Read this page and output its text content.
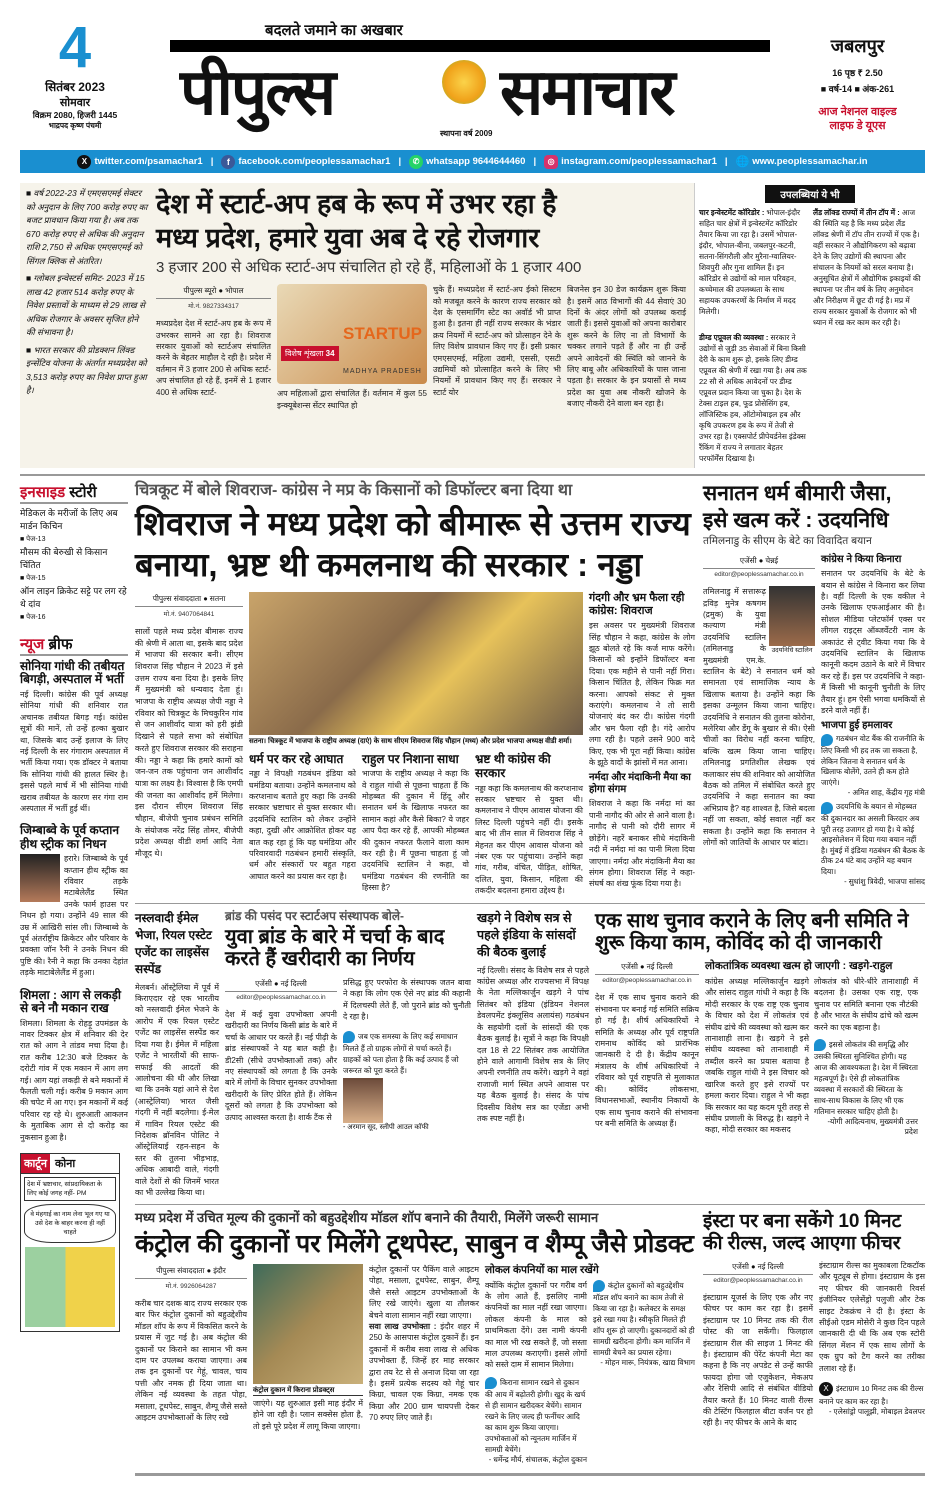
4
सितंबर 2023
सोमवार
विक्रम 2080, हिजरी 1445
भाद्रपद कृष्ण पंचमी
बदलते जमाने का अखबार
पीपुल्स	समाचार
स्थापना वर्ष 2009
जबलपुर
16 पृष्ठ ₹ 2.50
■ वर्ष-14 ■ अंक-261
आज नेशनल वाइल्ड
लाइफ डे यूएस
X twitter.com/psamachar1 |	f facebook.com/peoplessamachar1 |	✆ whatsapp 9644644460 |	◎ instagram.com/peoplessamachar1 | 🌐 www.peoplessamachar.in

■ वर्ष 2022-23 में एमएसएमई सेक्टर को अनुदान के लिए 700 करोड़ रुपए का बजट प्रावधान किया गया है। अब तक 670 करोड़ रुपए से अधिक की अनुदान राशि 2,750 से अधिक एमएसएमई को सिंगल क्लिक से अंतरित।

■ ग्लोबल इन्वेस्टर्स समिट- 2023 में 15 लाख 42 हजार 514 करोड़ रुपए के निवेश प्रस्तावों के माध्यम से 29 लाख से अधिक रोजगार के अवसर सृजित होने की संभावना है।

■ भारत सरकार की प्रोडक्शन लिंक्ड इन्सेंटिव योजना के अंतर्गत मध्यप्रदेश को 3,513 करोड़ रुपए का निवेश प्राप्त हुआ है।

देश में स्टार्ट-अप हब के रूप में उभर रहा है
मध्य प्रदेश, हमारे युवा अब दे रहे रोजगार
3 हजार 200 से अधिक स्टार्ट-अप संचालित हो रहे हैं, महिलाओं के 1 हजार 400
पीपुल्स ब्यूरो ● भोपाल
मो.नं. 9827334317

मध्यप्रदेश देश में स्टार्ट-अप हब के रूप में उभरकर सामने आ रहा है। शिवराज सरकार युवाओं को स्टार्टअप संचालित करने के बेहतर माहौल दे रही है। प्रदेश में वर्तमान में 3 हजार 200 से अधिक स्टार्ट-अप संचालित हो रहे हैं, इनमें से 1 हजार 400 से अधिक स्टार्ट-

विशेष शृंखला 34
STARTUP
MADHYA PRADESH

अप महिलाओं द्वारा संचालित हैं। वर्तमान में कुल 55 इन्क्यूबेशन्स सेंटर स्थापित हो

चुके हैं। मध्यप्रदेश में स्टार्ट-अप ईको सिस्टम को मजबूत करने के कारण राज्य सरकार को देश के एसमार्गिंग स्टेट का अवॉर्ड भी प्राप्त हुआ है। इतना ही नहीं राज्य सरकार के भंडार क्रय नियमों में स्टार्ट-अप को प्रोत्साहन देने के लिए विशेष प्रावधान किए गए हैं। इसी प्रकार एमएसएमई, महिला उद्यमी, एससी, एसटी उद्यमियों को प्रोत्साहित करने के लिए भी नियमों में प्रावधान किए गए हैं। सरकार ने स्टार्ट योर

बिजनेस इन 30 डेज कार्यक्रम शुरू किया है। इसमें आठ विभागों की 44 सेवाएं 30 दिनों के अंदर लोगों को उपलब्ध कराई जाती हैं। इससे युवाओं को अपना कारोबार शुरू करने के लिए ना तो विभागों के चक्कर लगाने पड़ते हैं और ना ही उन्हें अपने आवेदनों की स्थिति को जानने के लिए बाबू और अधिकारियों के पास जाना पड़ता है। सरकार के इन प्रयासों से मध्य प्रदेश का युवा अब नौकरी खोजने के बजाए नौकरी देने वाला बन रहा है।

उपलब्धियां ये भी
चार इन्वेस्टमेंट कॉरिडोर : भोपाल-इंदौर सहित चार क्षेत्रों में इन्वेस्टमेंट कॉरिडोर तैयार किया जा रहा है। उसमें भोपाल-इंदौर, भोपाल-बीना, जबलपुर-कटनी, सतना-सिंगरौली और मुरैना-ग्वालियर- शिवपुरी और गुना शामिल हैं। इन कॉरिडोर से उद्योगों को माल परिवहन, कच्चेमाल की उपलब्धता के साथ सहायक उपकरणों के निर्माण में मदद मिलेगी।
लैंड लॉक्ड राज्यों में तीन टॉप में : आज की स्थिति यह है कि मध्य प्रदेश लैंड लॉक्ड श्रेणी में टॉप तीन राज्यों में एक है। वहीं सरकार ने औद्योगिकरण को बढ़ावा देने के लिए उद्योगों की स्थापना और संचालन के नियमों को सरल बनाया है। अनुसूचित क्षेत्रों में औद्योगिक इकाइयों की स्थापना पर तीन वर्ष के लिए अनुमोदन और निरीक्षण में छूट दी गई है। मप्र में राज्य सरकार युवाओं के रोजगार को भी ध्यान में रख कर काम कर रही है।
डीम्ड एप्रूवल की व्यवस्था : सरकार ने उद्योगों से जुड़ी 35 सेवाओं में बिना किसी देरी के काम शुरू हो, इसके लिए डीम्ड एप्रूवल की श्रेणी में रखा गया है। अब तक 22 सौ से अधिक आवेदनों पर डीम्ड एप्रूवल प्रदान किया जा चुका है। देश के टेक्स टाइल हब, फूड प्रोसेसिंग हब, लॉजिस्टिक हब, ऑटोमोबाइल हब और कृषि उपकरण हब के रूप में तेजी से उभर रहा है। एक्सपोर्ट प्रीपेयर्डनेस इंडेक्स रैंकिंग में राज्य ने लगातार बेहतर परफॉर्मेंस दिखाया है।
इनसाइड स्टोरी
मेडिकल के मरीजों के लिए अब मार्डन किचिन
■ पेज-13
मौसम की बेरुखी से किसान चिंतित
■ पेज-15
ऑन लाइन क्रिकेट सट्टे पर लग रहे थे दांव
■ पेज-16
न्यूज ब्रीफ
सोनिया गांधी की तबीयत बिगड़ी, अस्पताल में भर्ती

नई दिल्ली। कांग्रेस की पूर्व अध्यक्ष सोनिया गांधी की शनिवार रात अचानक तबीयत बिगड़ गई। कांग्रेस सूत्रों की मानें, तो उन्हें हल्का बुखार था, जिसके बाद उन्हें इलाज के लिए नई दिल्ली के सर गंगाराम अस्पताल में भर्ती किया गया। एक डॉक्टर ने बताया कि सोनिया गांधी की हालत स्थिर है। इससे पहले मार्च में भी सोनिया गांधी खराब तबीयत के कारण सर गंगा राम अस्पताल में भर्ती हुई थीं।

जिम्बाब्वे के पूर्व कप्तान हीथ स्ट्रीक का निधन

हरारे। जिम्बाब्वे के पूर्व कप्तान हीथ स्ट्रीक का रविवार तड़के मटाबेलेलैंड स्थित उनके फार्म हाउस पर निधन हो गया। उन्होंने 49 साल की उम्र में आखिरी सांस ली। जिम्बाब्वे के पूर्व अंतर्राष्ट्रीय क्रिकेटर और परिवार के प्रवक्ता जॉन रैनी ने उनके निधन की पुष्टि की। रैनी ने कहा कि उनका देहांत तड़के माटाबेलेलैंड में हुआ।

शिमला : आग से लकड़ी से बने नौ मकान राख

शिमला। शिमला के रोहड़ू उपमंडल के नावर टिक्कर क्षेत्र में शनिवार की देर रात को आग ने तांडव मचा दिया है। रात करीब 12:30 बजे टिक्कर के दरोटी गांव में एक मकान में आग लग गई। आग यहां लकड़ी से बने मकानों में फैलती चली गई। करीब 9 मकान आग की चपेट में आ गए। इन मकानों में कई परिवार रह रहे थे। शुरुआती आकलन के मुताबिक आग से दो करोड़ का नुकसान हुआ है।

कार्टून कोना
देश में भ्रष्टाचार, सांप्रदायिकता के लिए कोई जगह नहीं- PM
वे मंहगाई का नाम लेना भूल गए या उसे देश के बाहर करना ही नहीं चाहते
चित्रकूट में बोले शिवराज- कांग्रेस ने मप्र के किसानों को डिफॉल्टर बना दिया था
शिवराज ने मध्य प्रदेश को बीमारू से उत्तम राज्य
बनाया, भ्रष्ट थी कमलनाथ की सरकार : नड्डा
पीपुल्स संवाददाता ● सतना
मो.नं. 9407064841

सालों पहले मध्य प्रदेश बीमारू राज्य की श्रेणी में आता था, इसके बाद प्रदेश में भाजपा की सरकार बनी। सीएम शिवराज सिंह चौहान ने 2023 में इसे उत्तम राज्य बना दिया है। इसके लिए मैं मुख्यमंत्री को धन्यवाद देता हूं। भाजपा के राष्ट्रीय अध्यक्ष जेपी नड्डा ने रविवार को चित्रकूट के मिचकुरिन गांव से जन आशीर्वाद यात्रा को हरी झंडी दिखाने से पहले सभा को संबोधित करते हुए शिवराज सरकार की सराहना की। नड्डा ने कहा कि हमारे कामों को जन-जन तक पहुंचाना जन आशीर्वाद यात्रा का लक्ष्य है। विश्वास है कि एमपी की जनता का आशीर्वाद हमें मिलेगा। इस दौरान सीएम शिवराज सिंह चौहान, बीजेपी चुनाव प्रबंधन समिति के संयोजक नरेंद्र सिंह तोमर, बीजेपी प्रदेश अध्यक्ष वीडी शर्मा आदि नेता मौजूद थे।

सतना। चित्रकूट में भाजपा के राष्ट्रीय अध्यक्ष (दाएं) के साथ सीएम शिवराज सिंह चौहान (मध्य) और प्रदेश भाजपा अध्यक्ष वीडी शर्मा।
धर्म पर कर रहे आघात

नड्डा ने विपक्षी गठबंधन इंडिया को घमंडिया बताया। उन्होंने कमलनाथ को करप्शनाथ बताते हुए कहा कि उनकी सरकार भ्रष्टाचार से युक्त सरकार थी। उदयनिधि स्टालिन को लेकर उन्होंने कहा, दुखी और आक्रोशित होकर यह बात कह रहा हूं कि यह घमंडिया और परिवारवादी गठबंधन हमारी संस्कृति, धर्म और संस्कारों पर बहुत गहरा आघात करने का प्रयास कर रहा है।

राहुल पर निशाना साधा

भाजपा के राष्ट्रीय अध्यक्ष ने कहा कि वे राहुल गांधी से पूछना चाहता हैं कि मोहब्बत की दुकान में हिंदू और सनातन धर्म के खिलाफ नफरत का सामान कहां और कैसे बिका? ये जहर आप पैदा कर रहे हैं, आपकी मोहब्बत की दुकान नफरत फैलाने वाला काम कर रही है। मैं पूछना चाहता हूं जो उदयनिधि स्टालिन ने कहा, वो घमंडिया गठबंधन की रणनीति का हिस्सा है?

भ्रष्ट थी कांग्रेस की सरकार

नड्डा कहा कि कमलनाथ की करप्शनाथ सरकार भ्रष्टचार से युक्त थी। कमलनाथ ने पीएम आवास योजना की लिस्ट दिल्ली पहुंचने नहीं दी। इसके बाद भी तीन साल में शिवराज सिंह ने मेहनत कर पीएम आवास योजना को नंबर एक पर पहुंचाया। उन्होंने कहा गांव, गरीब, वंचित, पीड़ित, शोषित, दलित, युवा, किसान, महिला की तकदीर बदलना हमारा उद्देश्य है।

गंदगी और भ्रम फैला रही कांग्रेस: शिवराज

इस अवसर पर मुख्यमंत्री शिवराज सिंह चौहान ने कहा, कांग्रेस के लोग झूठ बोलते रहे कि कर्ज माफ करेंगे। किसानों को इन्होंने डिफॉल्टर बना दिया। एक महीने से पानी नहीं गिरा। किसान चिंतित है, लेकिन फिक्र मत करना। आपको संकट से मुक्त कराएंगे। कमलनाथ ने तो सारी योजनाएं बंद कर दी। कांग्रेस गंदगी और भ्रम फैला रही है। गंदे आरोप लगा रही है। पहले उसने 900 वादे किए, एक भी पूरा नहीं किया। कांग्रेस के झूठे वादों के झांसों में मत आना।

नर्मदा और मंदाकिनी मैया का होगा संगम

शिवराज ने कहा कि नर्मदा मां का पानी नागौद की ओर से आने वाला है। नागौद से पानी को दौरी सागर में छोड़ेंगे। नहरें बनाकर सीधे मंदाकिनी नदी में नर्मदा मां का पानी मिला दिया जाएगा। नर्मदा और मंदाकिनी मैया का संगम होगा। शिवराज सिंह ने कहा- संघर्ष का शंख फूंक दिया गया है।

सनातन धर्म बीमारी जैसा,
इसे खत्म करें : उदयनिधि
तमिलनाडु के सीएम के बेटे का विवादित बयान
एजेंसी ● चेन्नई
editor@peoplessamachar.co.in
उदयनिधि स्टालिन

तमिलनाडु में सत्तारूढ़ द्रविड़ मुनेत्र कषगम (द्रमुक) के युवा कल्याण मंत्री उदयनिधि स्टालिन (तमिलनाडु के मुख्यमंत्री एम.के. स्टालिन के बेटे) ने सनातन धर्म को समानता एवं सामाजिक न्याय के खिलाफ बताया है। उन्होंने कहा कि इसका उन्मूलन किया जाना चाहिए। उदयनिधि ने सनातन की तुलना कोरोना, मलेरिया और डेंगू के बुखार से की। ऐसी चीजों का विरोध नहीं करना चाहिए, बल्कि खत्म किया जाना चाहिए। तमिलनाडु प्रगतिशील लेखक एवं कलाकार संघ की शनिवार को आयोजित बैठक को तमिल में संबोधित करते हुए उदयनिधि ने कहा सनातन का क्या अभिप्राय है? वह शाश्वत है, जिसे बदला नहीं जा सकता, कोई सवाल नहीं कर सकता है। उन्होंने कहा कि सनातन ने लोगों को जातियों के आधार पर बांटा।

कांग्रेस ने किया किनारा

सनातन पर उदयनिधि के बेटे के बयान से कांग्रेस ने किनारा कर लिया है। वहीं दिल्ली के एक वकील ने उनके खिलाफ एफआईआर की है। सोशल मीडिया प्लेटफॉर्म एक्स पर लीगल राइट्स ऑब्जर्वेटरी नाम के अकाउंट से ट्वीट किया गया कि वे उदयनिधि स्टालिन के खिलाफ कानूनी कदम उठाने के बारे में विचार कर रहे हैं। इस पर उदयनिधि ने कहा- मैं किसी भी कानूनी चुनौती के लिए तैयार हूं। हम ऐसी भगवा धमकियों से डरने वाले नहीं हैं।

भाजपा हुई हमलावर

गठबंधन वोट बैंक की राजनीति के लिए किसी भी हद तक जा सकता है, लेकिन जितना वे सनातन धर्म के खिलाफ बोलेंगे, उतने ही कम होते जाएंगे।

- अमित शाह, केंद्रीय गृह मंत्री

उदयनिधि के बयान से मोहब्बत की दुकानदार का असली किरदार अब पूरी तरह उजागर हो गया है। ये कोई आइसोलेशन में दिया गया बयान नहीं है। मुंबई में इंडिया गठबंधन की बैठक के ठीक 24 घंटे बाद उन्होंने यह बयान दिया।

- सुधांशु त्रिवेदी, भाजपा सांसद
नस्लवादी ईमेल भेजा, रियल एस्टेट एजेंट का लाइसेंस सस्पेंड

मेलबर्न। ऑस्ट्रेलिया में पूर्व में किराएदार रहे एक भारतीय को नस्लवादी ईमेल भेजने के आरोप में एक रियल एस्टेट एजेंट का लाइसेंस सस्पेंड कर दिया गया है। ईमेल में महिला एजेंट ने भारतीयों की साफ-सफाई की आदतों की आलोचना की थी और लिखा था कि उनके यहां आने से देश (आस्ट्रेलिया) भारत जैसी गंदगी में नहीं बदलेगा। ई-मेल में गाविन रियल एस्टेट की निदेशक ब्रॉनविन पोलिट ने ऑस्ट्रेलियाई रहन-सहन के स्तर की तुलना भीड़भाड़, अधिक आबादी वाले, गंदगी वाले देशों से की जिनमें भारत का भी उल्लेख किया था।

ब्रांड की पसंद पर स्टार्टअप संस्थापक बोले-
युवा ब्रांड के बारे में चर्चा के बाद करते हैं खरीदारी का निर्णय
एजेंसी ● नई दिल्ली
editor@peoplessamachar.co.in

देश में कई युवा उपभोक्ता अपनी खरीदारी का निर्णय किसी ब्रांड के बारे में चर्चा के आधार पर करते हैं। नई पीढ़ी के ब्रांड संस्थापकों ने यह बात कही है। डी2सी (सीधे उपभोक्ताओं तक) और नए संस्थापकों को लगता है कि उनके बारे में लोगों के विचार सुनकर उपभोक्ता खरीदारी के लिए प्रेरित होते हैं। लेकिन दूसरों को लगता है कि उपभोक्ता को उत्पाद आश्वस्त करता है। शार्क टैंक से

प्रसिद्ध हुए परफोरा के संस्थापक जतन बावा ने कहा कि लोग एक ऐसे नए ब्रांड की कहानी में दिलचस्पी लेते हैं, जो पुराने ब्रांड को चुनौती दे रहा है।

जब एक समस्या के लिए कई समाधान मिलते हैं तो ग्राहक लोगों से चर्चा करते हैं। ग्राहकों को पता होता है कि कई उत्पाद हैं जो जरूरत को पूरा करते हैं।

- अरमान सूद, स्लीपी आउल कॉफी
खड़गे ने विशेष सत्र से पहले इंडिया के सांसदों की बैठक बुलाई

नई दिल्ली। संसद के विशेष सत्र से पहले कांग्रेस अध्यक्ष और राज्यसभा में विपक्ष के नेता मल्लिकार्जुन खड़गे ने पांच सितंबर को इंडिया (इंडियन नेशनल डेवलपमेंट इंक्लूसिव अलायंस) गठबंधन के सहयोगी दलों के सांसदों की एक बैठक बुलाई है। सूत्रों ने कहा कि विपक्षी दल 18 से 22 सितंबर तक आयोजित होने वाले आगामी विशेष सत्र के लिए अपनी रणनीति तय करेंगे। खड़गे ने वहां राजाजी मार्ग स्थित अपने आवास पर यह बैठक बुलाई है। संसद के पांच दिवसीय विशेष सत्र का एजेंडा अभी तक स्पष्ट नहीं है।

एक साथ चुनाव कराने के लिए बनी समिति ने शुरू किया काम, कोविंद को दी जानकारी
एजेंसी ● नई दिल्ली
editor@peoplessamachar.co.in

देश में एक साथ चुनाव कराने की संभावना पर बनाई गई समिति सक्रिय हो गई है। शीर्ष अधिकारियों ने समिति के अध्यक्ष और पूर्व राष्ट्रपति रामनाथ कोविंद को प्रारंभिक जानकारी दे दी है। केंद्रीय कानून मंत्रालय के शीर्ष अधिकारियों ने रविवार को पूर्व राष्ट्रपति से मुलाकात की। कोविंद लोकसभा, विधानसभाओं, स्थानीय निकायों के एक साथ चुनाव कराने की संभावना पर बनी समिति के अध्यक्ष हैं।

लोकतांत्रिक व्यवस्था खत्म हो जाएगी : खड़गे-राहुल

कांग्रेस अध्यक्ष मल्लिकार्जुन खड़गे और सांसद राहुल गांधी ने कहा है कि मोदी सरकार के एक राष्ट्र एक चुनाव के विचार को देश में लोकतंत्र एवं संघीय ढांचे की व्यवस्था को खत्म कर तानाशाही लाना है। खड़गे ने इसे संघीय व्यवस्था को तानाशाही में तब्दील करने का प्रयास बताया है जबकि राहुल गांधी ने इस विचार को खारिज करते हुए इसे राज्यों पर हमला करार दिया। राहुल ने भी कहा कि सरकार का यह कदम पूरी तरह से संघीय प्रणाली के विरुद्ध है। खड़गे ने कहा, मोदी सरकार का मकसद

लोकतंत्र को धीरे-धीरे तानाशाही में बदलना है। उसका एक राष्ट्र, एक चुनाव पर समिति बनाना एक नौटंकी है और भारत के संघीय ढांचे को खत्म करने का एक बहाना है।

इससे लोकतंत्र की समृद्धि और उसकी स्थिरता सुनिश्चित होगी। यह आज की आवश्यकता है। देश में स्थिरता महत्वपूर्ण है। ऐसे ही लोकतांत्रिक व्यवस्था में सरकारों की स्थिरता के साथ-साथ विकास के लिए भी एक गतिमान सरकार चाहिए होती है।

-योगी आदित्यनाथ, मुख्यमंत्री उत्तर प्रदेश
मध्य प्रदेश में उचित मूल्य की दुकानों को बहुउद्देशीय मॉडल शॉप बनाने की तैयारी, मिलेंगे जरूरी सामान
कंट्रोल की दुकानों पर मिलेंगे टूथपेस्ट, साबुन व शैम्पू जैसे प्रोडक्ट
पीपुल्स संवाददाता ● इंदौर
मो.नं. 9926064287

करीब चार दशक बाद राज्य सरकार एक बार फिर कंट्रोल दुकानों को बहुउद्देशीय मॉडल शॉप के रूप में विकसित करने के प्रयास में जुट गई है। अब कंट्रोल की दुकानों पर किराने का सामान भी कम दाम पर उपलब्ध कराया जाएगा। अब तक इन दुकानों पर गेहूं, चावल, चाय पत्ती और नमक ही दिया जाता था। लेकिन नई व्यवस्था के तहत पोहा, मसाला, टूथपेस्ट, साबुन, शैम्पू जैसे सस्ते आइटम उपभोक्ताओं के लिए रखे

कंट्रोल दुकान में किराना प्रोडक्ट्स

जाएंगे। यह शुरुआत इसी माह इंदौर में होने जा रही है। प्लान सक्सेस होता है, तो इसे पूरे प्रदेश में लागू किया जाएगा।

कंट्रोल दुकानों पर पैकिंग वाले आइटम पोहा, मसाला, टूथपेस्ट, साबुन, शैम्पू जैसे सस्ते आइटम उपभोक्ताओं के लिए रखे जाएंगे। खुला या तौलकर बेचने वाला सामान नहीं रखा जाएगा।

सवा लाख उपभोक्ता : इंदौर शहर में 250 के आसपास कंट्रोल दुकानें हैं। इन दुकानों में करीब सवा लाख से अधिक उपभोक्ता हैं, जिन्हें हर माह सरकार द्वारा तय रेट से से अनाज दिया जा रहा है। इसमें प्रत्येक सदस्य को गेहूं चार किग्रा, चावल एक किग्रा, नमक एक किग्रा और 200 ग्राम चायपत्ती देकर 70 रुपए लिए जाते हैं।

लोकल कंपनियों का माल रखेंगे

क्योंकि कंट्रोल दुकानों पर गरीब वर्ग के लोग आते हैं, इसलिए नामी कंपनियों का माल नहीं रखा जाएगा। लोकल कंपनी के माल को प्राथमिकता देंगे। उस नामी कंपनी का माल भी रख सकते हैं, जो सस्ता माल उपलब्ध कराएगी। इससे लोगों को सस्ते दाम में सामान मिलेगा।

कंट्रोल दुकानों को बहुउद्देशीय मॉडल शॉप बनाने का काम तेजी से किया जा रहा है। कलेक्टर के समक्ष इसे रखा गया है। स्वीकृति मिलते ही शॉप शुरू हो जाएगी। दुकानदारों को ही सामग्री खरीदना होगी। कम मार्जिन में सामग्री बेचने का प्रयास रहेगा।

- मोहन मारू, नियंत्रक, खाद्य विभाग

किराना सामान रखने से दुकान की आय में बढ़ोतरी होगी। खुद के खर्च से ही सामान खरीदकर बेचेंगे। सामान रखने के लिए जल्द ही फर्नीचर आदि का काम शुरू किया जाएगा। उपभोक्ताओं को न्यूनतम मार्जिन में सामग्री बेचेंगे।

- धर्मेन्द्र मौर्य, संचालक, कंट्रोल दुकान
इंस्टा पर बना सकेंगे 10 मिनट की रील्स, जल्द आएगा फीचर
एजेंसी ● नई दिल्ली
editor@peoplessamachar.co.in

इंस्टाग्राम यूजर्स के लिए एक और नए फीचर पर काम कर रहा है। इसमें इंस्टाग्राम पर 10 मिनट तक की रील पोस्ट की जा सकेंगी। फिलहाल इंस्टाग्राम रील की साइज 1 मिनट की है। इंस्टाग्राम की पेरेंट कंपनी मेटा का कहना है कि नए अपडेट से उन्हें काफी फायदा होगा जो एजुकेशन, मेकअप और रेसिपी आदि से संबंधित वीडियो तैयार करते हैं। 10 मिनट वाली रील्स की टेस्टिंग फिलहाल बीटा वर्जन पर हो रही है। नए फीचर के आने के बाद

इंस्टाग्राम रील्स का मुकाबला टिकटॉक और यूट्यूब से होगा। इंस्टाग्राम के इस नए फीचर की जानकारी रिवर्स इंजीनियर एलेसेंड्रो पलुजी और टेक साइट टेकक्रंच ने दी है। इंस्टा के सीईओ एडम मोसेरी ने कुछ दिन पहले जानकारी दी थी कि अब एक स्टोरी सिंगल मेंशन में एक साथ लोगों के एक ग्रुप को टैग करने का तरीका तलाश रहे हैं।

X इंस्टाग्राम 10 मिनट तक की रील्स बनाने पर काम कर रहा है।

- एलेसांड्रो पालूझी, मोबाइल डेवलपर
